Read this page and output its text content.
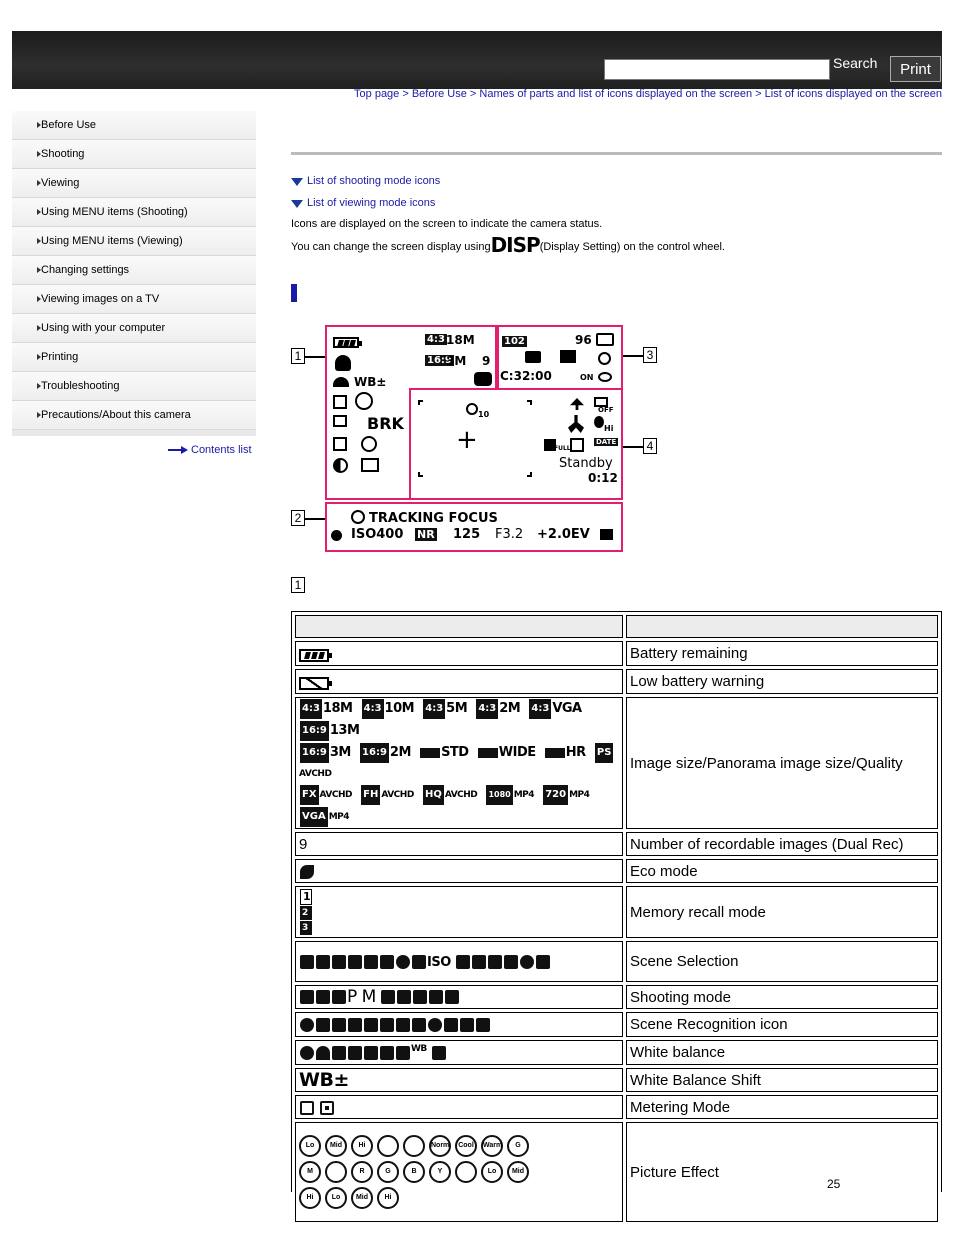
Search	Print
Top page > Before Use > Names of parts and list of icons displayed on the screen > List of icons displayed on the screen
Before Use
Shooting
Viewing
Using MENU items (Shooting)
Using MENU items (Viewing)
Changing settings
Viewing images on a TV
Using with your computer
Printing
Troubleshooting
Precautions/About this camera
Contents list
List of shooting mode icons
List of viewing mode icons
Icons are displayed on the screen to indicate the camera status.
You can change the screen display usingDISP(Display Setting) on the control wheel.
1
2
3
4
4:3 18M
16:9
3M 9
WB±
BRK
102	96
C:32:00	ON
10
+
OFF
Hi
FULL
DATE
Standby
0:12
TRACKING FOCUS
ISO400 NR 125 F3.2 +2.0EV
1

	Battery remaining
	Low battery warning

4:3 18M 4:3 10M 4:3 5M 4:3 2M 4:3 VGA 16:9 13M
16:9 3M 16:9 2M STD WIDE HR PSAVCHD
FX AVCHD FH AVCHD HQ AVCHD 1080 MP4 720 MP4 VGA MP4	Image size/Panorama image size/Quality
9	Number of recordable images (Dual Rec)
	Eco mode

1
2
3	Memory recall mode
ISO	Scene Selection
P M	Shooting mode
	Scene Recognition icon
WB	White balance
WB±	White Balance Shift
	Metering Mode

Lo Mid Hi Norm Cool Warm G
M R G B Y Lo Mid
Hi Lo Mid Hi	Picture Effect
25
